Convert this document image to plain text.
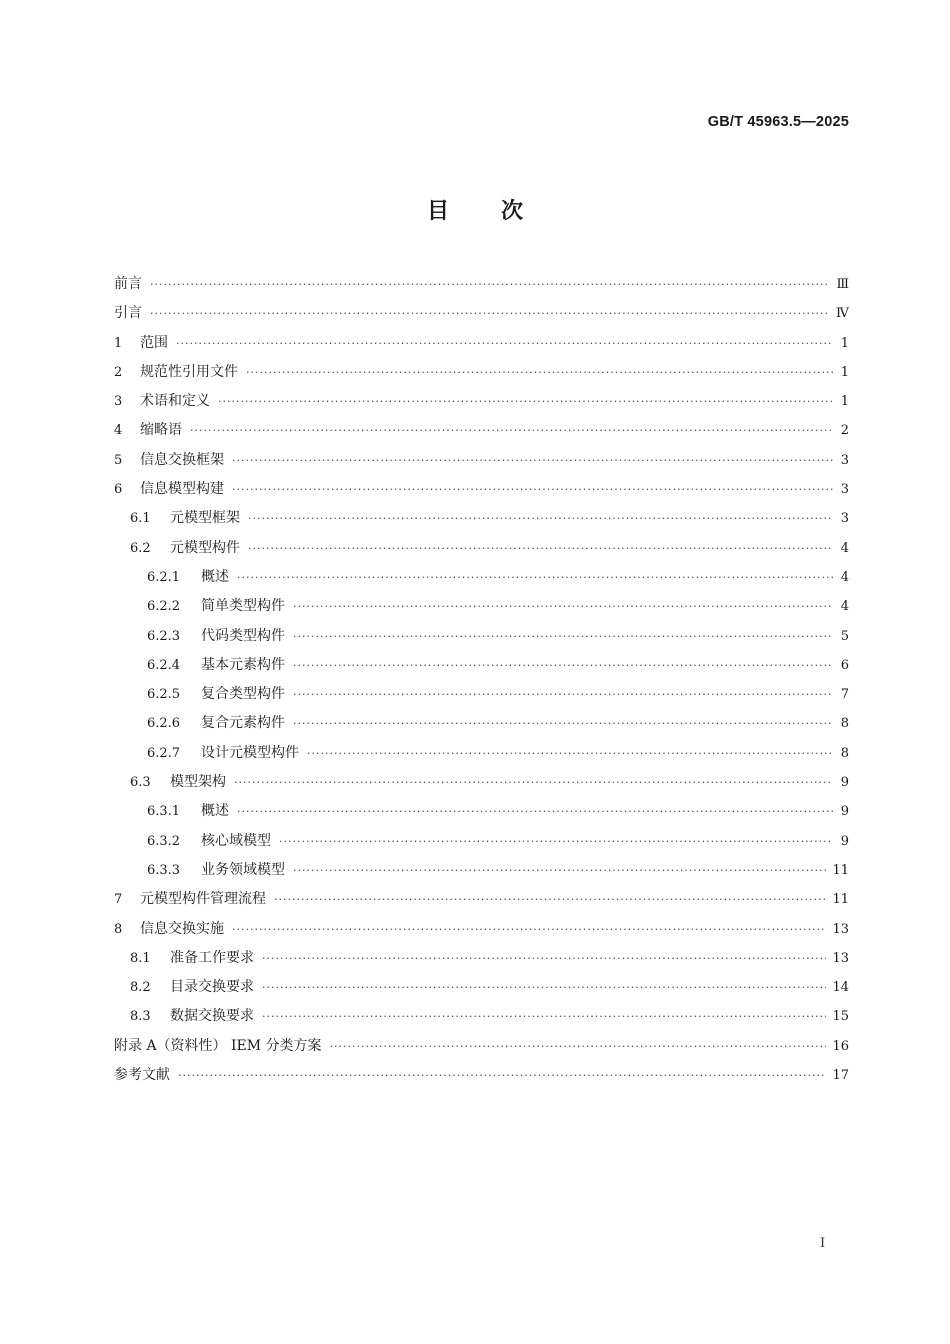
GB/T 45963.5—2025
目 次
前言 ·····	Ⅲ
引言 ·····	Ⅳ
1 范围 ·····	1
2 规范性引用文件 ·····	1
3 术语和定义 ·····	1
4 缩略语 ·····	2
5 信息交换框架 ·····	3
6 信息模型构建 ·····	3
6.1	元模型框架 ·····	3
6.2	元模型构件 ·····	4
6.2.1	概述 ·····	4
6.2.2	简单类型构件 ·····	4
6.2.3	代码类型构件 ·····	5
6.2.4	基本元素构件 ·····	6
6.2.5	复合类型构件 ·····	7
6.2.6	复合元素构件 ·····	8
6.2.7	设计元模型构件 ·····	8
6.3	模型架构 ·····	9
6.3.1	概述 ·····	9
6.3.2	核心域模型 ·····	9
6.3.3	业务领域模型 ·····	11
7 元模型构件管理流程 ·····	11
8 信息交换实施 ·····	13
8.1	准备工作要求 ·····	13
8.2	目录交换要求 ·····	14
8.3	数据交换要求 ·····	15
附录 A（资料性） IEM 分类方案 ·····	16
参考文献 ·····	17
Ⅰ
